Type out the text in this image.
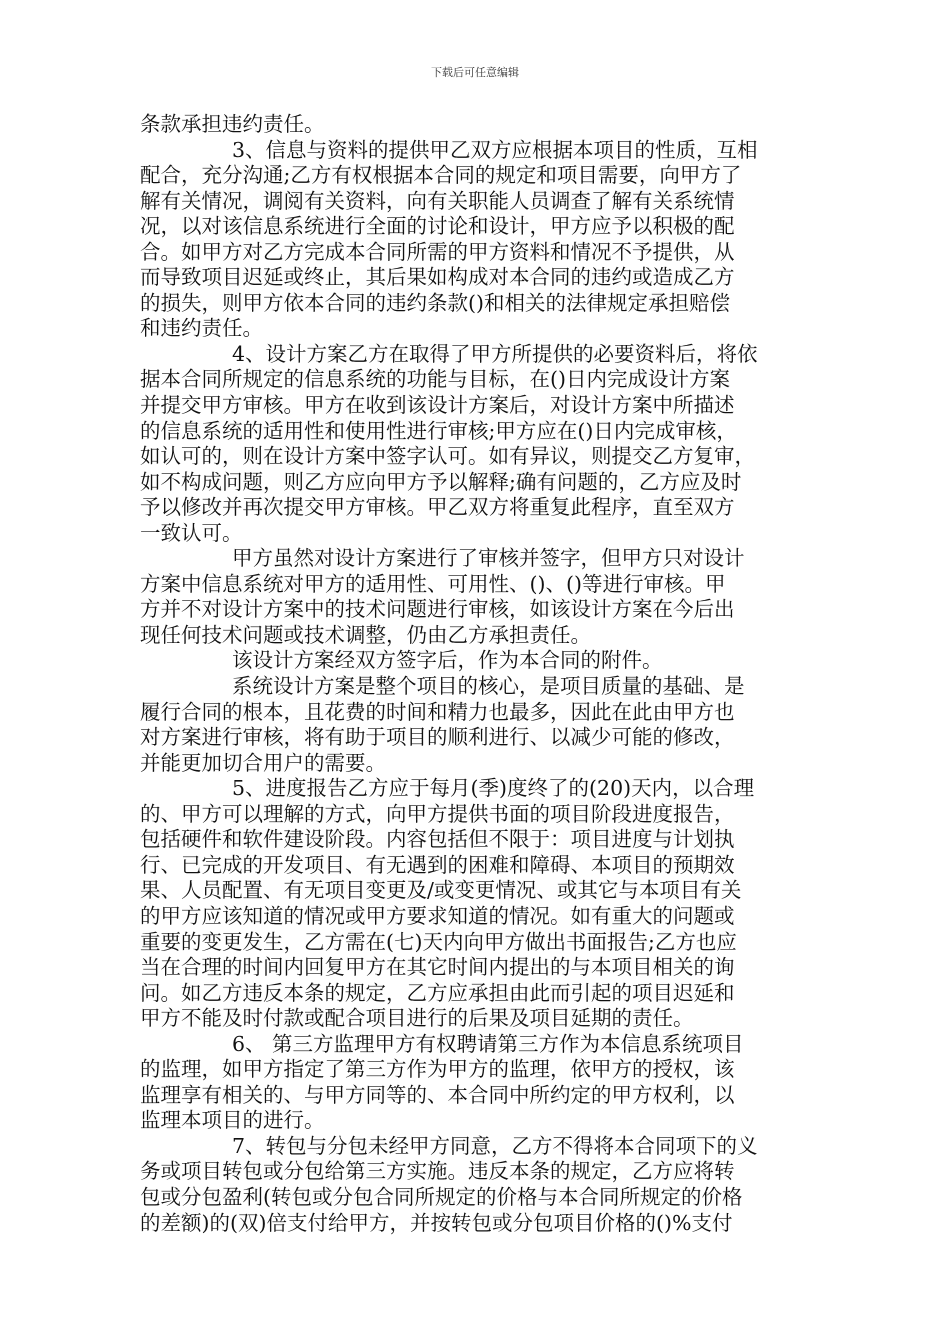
下载后可任意编辑
条款承担违约责任。
3、信息与资料的提供甲乙双方应根据本项目的性质，互相
配合，充分沟通;乙方有权根据本合同的规定和项目需要，向甲方了
解有关情况，调阅有关资料，向有关职能人员调查了解有关系统情
况，以对该信息系统进行全面的讨论和设计，甲方应予以积极的配
合。如甲方对乙方完成本合同所需的甲方资料和情况不予提供，从
而导致项目迟延或终止，其后果如构成对本合同的违约或造成乙方
的损失，则甲方依本合同的违约条款()和相关的法律规定承担赔偿
和违约责任。
4、设计方案乙方在取得了甲方所提供的必要资料后，将依
据本合同所规定的信息系统的功能与目标，在()日内完成设计方案
并提交甲方审核。甲方在收到该设计方案后，对设计方案中所描述
的信息系统的适用性和使用性进行审核;甲方应在()日内完成审核，
如认可的，则在设计方案中签字认可。如有异议，则提交乙方复审，
如不构成问题，则乙方应向甲方予以解释;确有问题的，乙方应及时
予以修改并再次提交甲方审核。甲乙双方将重复此程序，直至双方
一致认可。
甲方虽然对设计方案进行了审核并签字，但甲方只对设计
方案中信息系统对甲方的适用性、可用性、()、()等进行审核。甲
方并不对设计方案中的技术问题进行审核，如该设计方案在今后出
现任何技术问题或技术调整，仍由乙方承担责任。
该设计方案经双方签字后，作为本合同的附件。
系统设计方案是整个项目的核心，是项目质量的基础、是
履行合同的根本，且花费的时间和精力也最多，因此在此由甲方也
对方案进行审核，将有助于项目的顺利进行、以减少可能的修改，
并能更加切合用户的需要。
5、进度报告乙方应于每月(季)度终了的(20)天内，以合理
的、甲方可以理解的方式，向甲方提供书面的项目阶段进度报告，
包括硬件和软件建设阶段。内容包括但不限于：项目进度与计划执
行、已完成的开发项目、有无遇到的困难和障碍、本项目的预期效
果、人员配置、有无项目变更及/或变更情况、或其它与本项目有关
的甲方应该知道的情况或甲方要求知道的情况。如有重大的问题或
重要的变更发生，乙方需在(七)天内向甲方做出书面报告;乙方也应
当在合理的时间内回复甲方在其它时间内提出的与本项目相关的询
问。如乙方违反本条的规定，乙方应承担由此而引起的项目迟延和
甲方不能及时付款或配合项目进行的后果及项目延期的责任。
6、 第三方监理甲方有权聘请第三方作为本信息系统项目
的监理，如甲方指定了第三方作为甲方的监理，依甲方的授权，该
监理享有相关的、与甲方同等的、本合同中所约定的甲方权利，以
监理本项目的进行。
7、转包与分包未经甲方同意，乙方不得将本合同项下的义
务或项目转包或分包给第三方实施。违反本条的规定，乙方应将转
包或分包盈利(转包或分包合同所规定的价格与本合同所规定的价格
的差额)的(双)倍支付给甲方，并按转包或分包项目价格的()%支付
